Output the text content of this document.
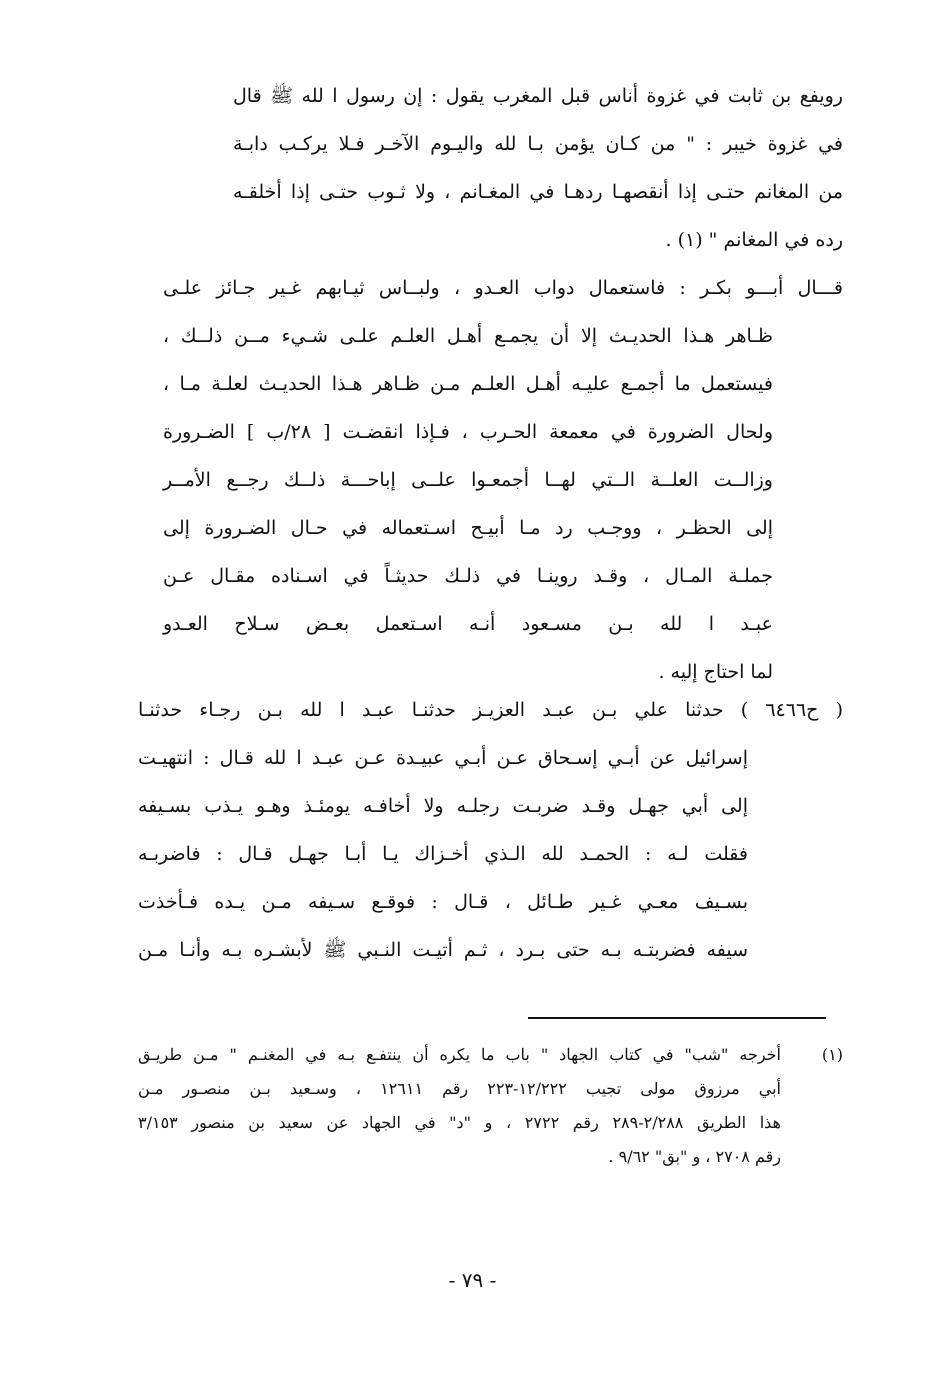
رويفع بن ثابت في غزوة أناس قبل المغرب يقول : إن رسول ا لله ﷺ قال
في غزوة خيبر : " من كـان يؤمن بـا لله واليـوم الآخـر فـلا يركـب دابـة
من المغانم حتـى إذا أنقصهـا ردهـا في المغـانم ، ولا ثـوب حتـى إذا أخلقـه
رده في المغانم " (١) .
قـــال أبـــو بكـر : فاستعمال دواب العـدو ، ولبــاس ثيـابهم غـير جـائز علـى
ظـاهر هـذا الحديـث إلا أن يجمـع أهـل العلـم علـى شـيء مــن ذلــك ،
فيستعمل ما أجمـع عليـه أهـل العلـم مـن ظـاهر هـذا الحديـث لعلـة مـا ،
ولحال الضرورة في معمعة الحـرب ، فـإذا انقضـت [ ٢٨/ب ] الضـرورة
وزالــت العلــة الــتي لهــا أجمعـوا علــى إباحـــة ذلــك رجــع الأمــر
إلى الحظـر ، ووجـب رد مـا أبيـح اسـتعماله في حـال الضـرورة إلى
جملـة المـال ، وقـد روينـا في ذلـك حديثـاً في اسـناده مقـال عـن
عبـد ا لله بـن مسـعود أنـه اسـتعمل بعـض سـلاح العـدو
لما احتاج إليه .
( ح٦٤٦٦ ) حدثنا علي بـن عبـد العزيـز حدثنـا عبـد ا لله بـن رجـاء حدثنـا
إسرائيل عن أبـي إسـحاق عـن أبـي عبيـدة عـن عبـد ا لله قـال : انتهيـت
إلى أبي جهـل وقـد ضربـت رجلـه ولا أخافـه يومئـذ وهـو يـذب بسـيفه
فقلت لـه : الحمـد لله الـذي أخـزاك يـا أبـا جهـل قـال : فاضربـه
بسـيف معـي غـير طـائل ، قـال : فوقـع سـيفه مـن يـده فـأخذت
سيفه فضربتـه بـه حتى بـرد ، ثـم أتيـت النـبي ﷺ لأبشـره بـه وأنـا مـن
(١)
أخرجه "شب" في كتاب الجهاد " باب ما يكره أن ينتفـع بـه في المغنـم " مـن طريـق
أبي مرزوق مولى تجيب ١٢/٢٢٢-٢٢٣ رقم ١٢٦١١ ، وسـعيد بـن منصـور مـن
هذا الطريق ٢/٢٨٨-٢٨٩ رقم ٢٧٢٢ ، و "د" في الجهاد عن سعيد بن منصور ٣/١٥٣
رقم ٢٧٠٨ ، و "بق" ٩/٦٢ .
- ٧٩ -
